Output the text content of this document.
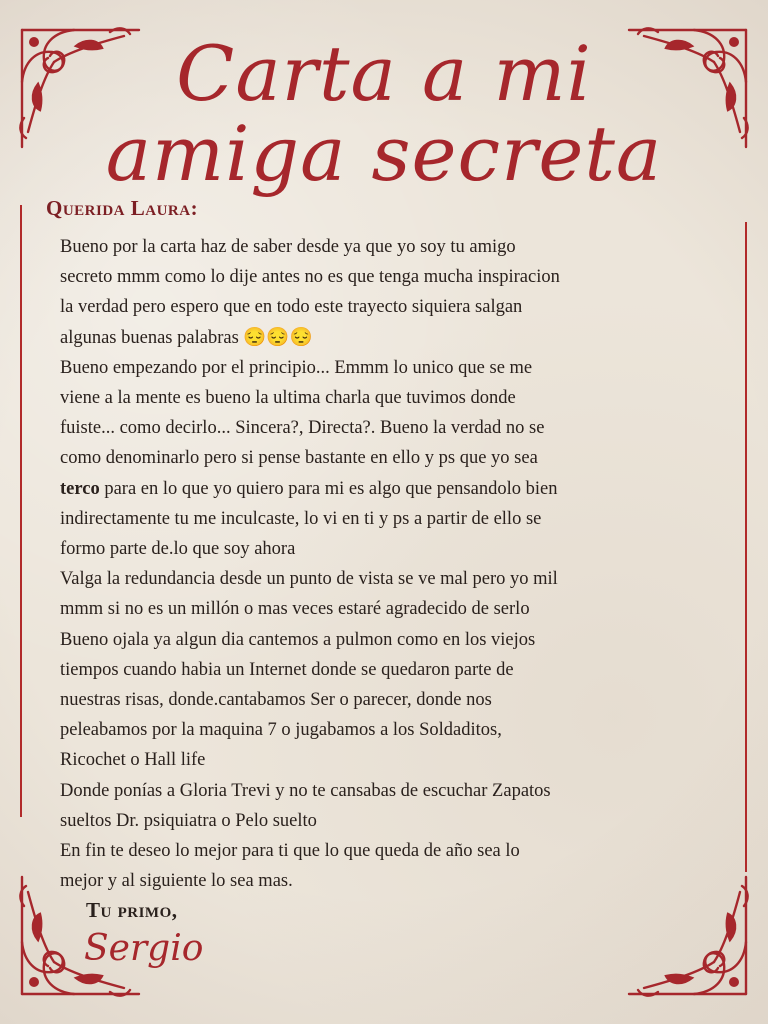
Carta a mi
amiga secreta
Querida Laura:
Bueno por la carta haz de saber desde ya que yo soy tu amigo
secreto mmm como lo dije antes no es que tenga mucha inspiracion
la verdad pero espero que en todo este trayecto siquiera salgan
algunas buenas palabras 😔😔😔
Bueno empezando por el principio... Emmm lo unico que se me
viene a la mente es bueno la ultima charla que tuvimos donde
fuiste... como decirlo... Sincera?, Directa?. Bueno la verdad no se
como denominarlo pero si pense bastante en ello y ps que yo sea
terco para en lo que yo quiero para mi es algo que pensandolo bien
indirectamente tu me inculcaste, lo vi en ti y ps a partir de ello se
formo parte de.lo que soy ahora
Valga la redundancia desde un punto de vista se ve mal pero yo mil
mmm si no es un millón o mas veces estaré agradecido de serlo
Bueno ojala ya algun dia cantemos a pulmon como en los viejos
tiempos cuando habia un Internet donde se quedaron parte de
nuestras risas, donde.cantabamos Ser o parecer, donde nos
peleabamos por la maquina 7 o jugabamos a los Soldaditos,
Ricochet o Hall life
Donde ponías a Gloria Trevi y no te cansabas de escuchar Zapatos
sueltos Dr. psiquiatra o Pelo suelto
En fin te deseo lo mejor para ti que lo que queda de año sea lo
mejor y al siguiente lo sea mas.
Tu primo,
Sergio
